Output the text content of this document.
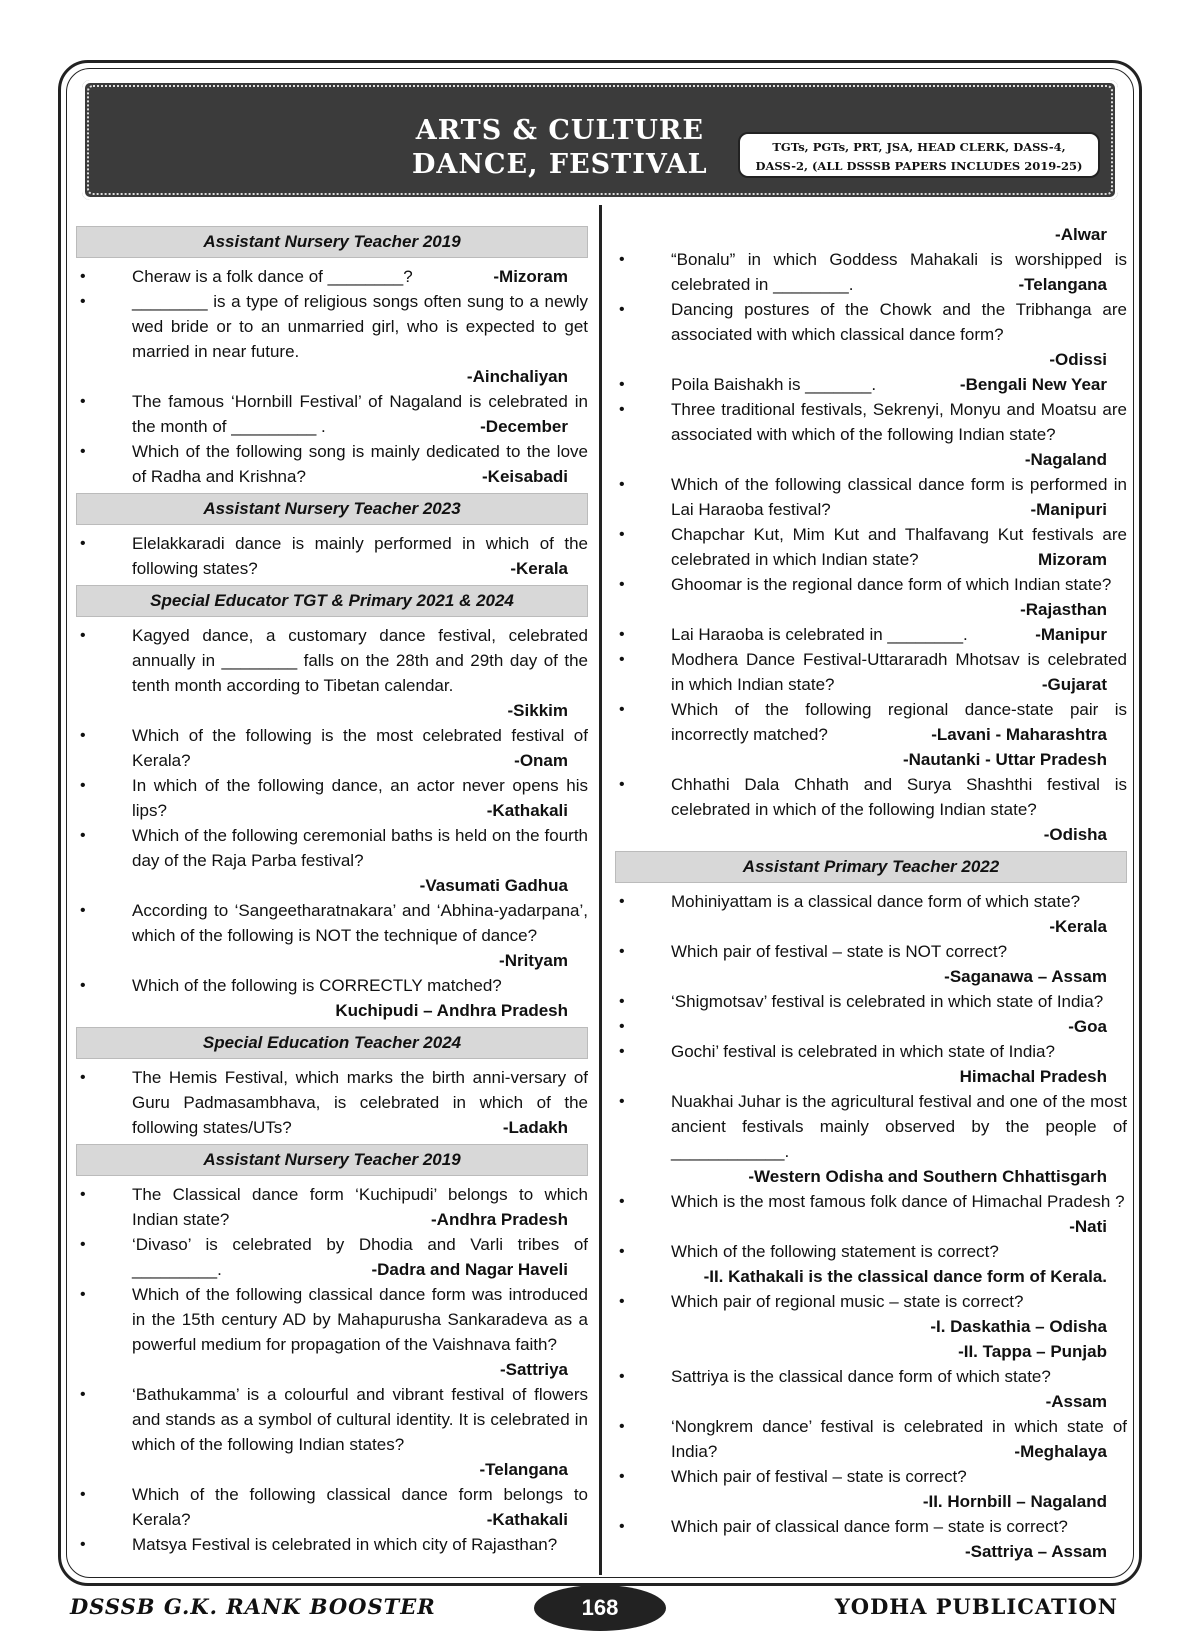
ARTS & CULTURE
DANCE, FESTIVAL
TGTs, PGTs, PRT, JSA, HEAD CLERK, DASS-4,
DASS-2, (ALL DSSSB PAPERS INCLUDES 2019-25)
Assistant Nursery Teacher 2019
•	Cheraw is a folk dance of ________?	-Mizoram
•	________ is a type of religious songs often sung to a newly wed bride or to an unmarried girl, who is expected to get married in near future.
-Ainchaliyan
•	The famous ‘Hornbill Festival’ of Nagaland is celebrated in the month of _________ .	-December
•	Which of the following song is mainly dedicated to the love of Radha and Krishna?	-Keisabadi
Assistant Nursery Teacher 2023
•	Elelakkaradi dance is mainly performed in which of the following states?	-Kerala
Special Educator TGT & Primary 2021 & 2024
•	Kagyed dance, a customary dance festival, celebrated annually in ________ falls on the 28th and 29th day of the tenth month according to Tibetan calendar.
-Sikkim
•	Which of the following is the most celebrated festival of Kerala?	-Onam
•	In which of the following dance, an actor never opens his lips?	-Kathakali
•	Which of the following ceremonial baths is held on the fourth day of the Raja Parba festival?
-Vasumati Gadhua
•	According to ‘Sangeetharatnakara’ and ‘Abhina-yadarpana’, which of the following is NOT the technique of dance?
-Nrityam
•	Which of the following is CORRECTLY matched?
Kuchipudi – Andhra Pradesh
Special Education Teacher 2024
•	The Hemis Festival, which marks the birth anni-versary of Guru Padmasambhava, is celebrated in which of the following states/UTs?	-Ladakh
Assistant Nursery Teacher 2019
•	The Classical dance form ‘Kuchipudi’ belongs to which Indian state?	-Andhra Pradesh
•	‘Divaso’ is celebrated by Dhodia and Varli tribes of _________.	-Dadra and Nagar Haveli
•	Which of the following classical dance form was introduced in the 15th century AD by Mahapurusha Sankaradeva as a powerful medium for propagation of the Vaishnava faith?
-Sattriya
•	‘Bathukamma’ is a colourful and vibrant festival of flowers and stands as a symbol of cultural identity. It is celebrated in which of the following Indian states?
-Telangana
•	Which of the following classical dance form belongs to Kerala?	-Kathakali
•	Matsya Festival is celebrated in which city of Rajasthan?
-Alwar
•	“Bonalu” in which Goddess Mahakali is worshipped is celebrated in ________.	-Telangana
•	Dancing postures of the Chowk and the Tribhanga are associated with which classical dance form?
-Odissi
•	Poila Baishakh is _______.	-Bengali New Year
•	Three traditional festivals, Sekrenyi, Monyu and Moatsu are associated with which of the following Indian state?
-Nagaland
•	Which of the following classical dance form is performed in Lai Haraoba festival?	-Manipuri
•	Chapchar Kut, Mim Kut and Thalfavang Kut festivals are celebrated in which Indian state?	Mizoram
•	Ghoomar is the regional dance form of which Indian state?
-Rajasthan
•	Lai Haraoba is celebrated in ________.	-Manipur
•	Modhera Dance Festival-Uttararadh Mhotsav is celebrated in which Indian state?	-Gujarat
•	Which of the following regional dance-state pair is incorrectly matched?	-Lavani - Maharashtra
-Nautanki - Uttar Pradesh
•	Chhathi Dala Chhath and Surya Shashthi festival is celebrated in which of the following Indian state?
-Odisha
Assistant Primary Teacher 2022
•	Mohiniyattam is a classical dance form of which state?
-Kerala
•	Which pair of festival – state is NOT correct?
-Saganawa – Assam
•	‘Shigmotsav’ festival is celebrated in which state of India?
•	-Goa
•	Gochi’ festival is celebrated in which state of India?
Himachal Pradesh
•	Nuakhai Juhar is the agricultural festival and one of the most ancient festivals mainly observed by the people of ____________.
-Western Odisha and Southern Chhattisgarh
•	Which is the most famous folk dance of Himachal Pradesh ?
-Nati
•	Which of the following statement is correct?
-II. Kathakali is the classical dance form of Kerala.
•	Which pair of regional music – state is correct?
-I. Daskathia – Odisha
-II. Tappa – Punjab
•	Sattriya is the classical dance form of which state?
-Assam
•	‘Nongkrem dance’ festival is celebrated in which state of India?	-Meghalaya
•	Which pair of festival – state is correct?
-II. Hornbill – Nagaland
•	Which pair of classical dance form – state is correct?
-Sattriya – Assam
DSSSB G.K. RANK BOOSTER	168	YODHA PUBLICATION
